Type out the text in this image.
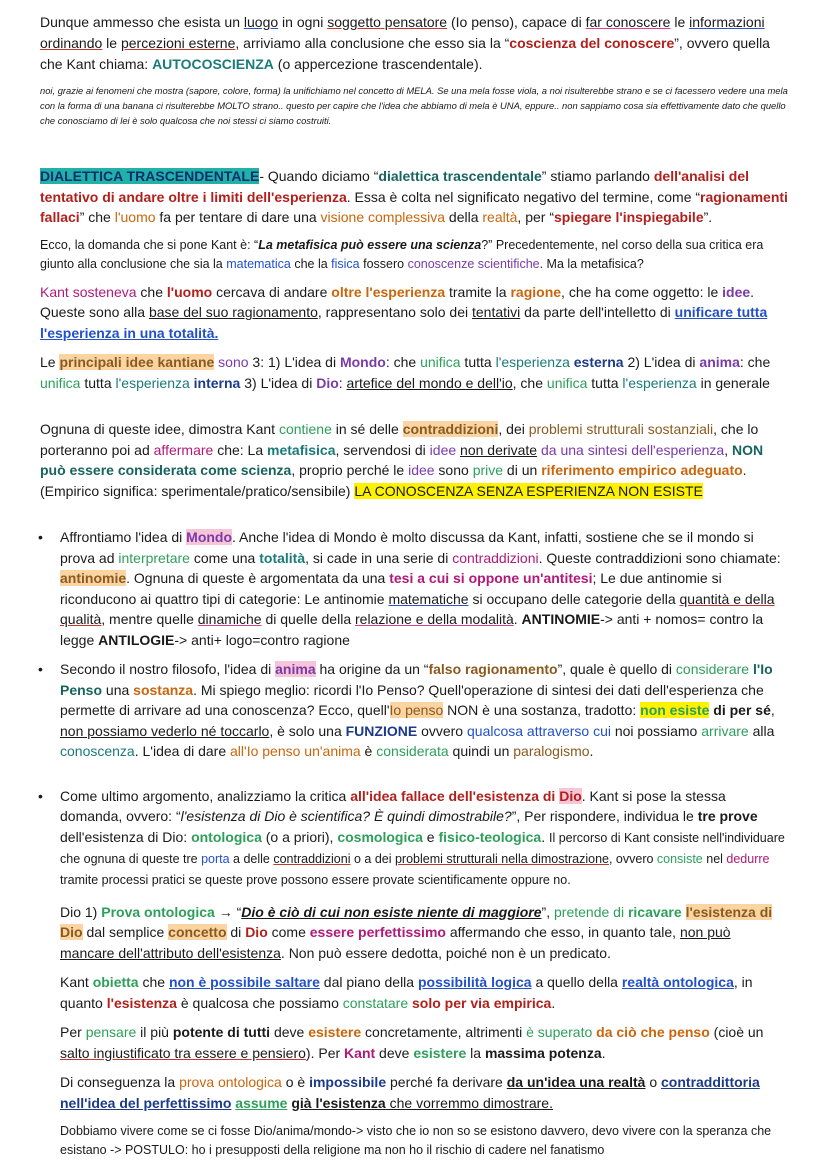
Dunque ammesso che esista un luogo in ogni soggetto pensatore (Io penso), capace di far conoscere le informazioni
ordinando le percezioni esterne, arriviamo alla conclusione che esso sia la “coscienza del conoscere”, ovvero quella che Kant chiama: AUTOCOSCIENZA (o appercezione trascendentale).

noi, grazie ai fenomeni che mostra (sapore, colore, forma) la unifichiamo nel concetto di MELA. Se una mela fosse viola, a noi risulterebbe strano e se ci facessero vedere una mela con la forma di una banana ci risulterebbe MOLTO strano.. questo per capire che l'idea che abbiamo di mela è UNA, eppure.. non sappiamo cosa sia effettivamente dato che quello che conosciamo di lei è solo qualcosa che noi stessi ci siamo costruiti.

DIALETTICA TRASCENDENTALE- Quando diciamo “dialettica trascendentale” stiamo parlando dell'analisi del tentativo di andare oltre i limiti dell'esperienza. Essa è colta nel significato negativo del termine, come “ragionamenti fallaci” che l'uomo fa per tentare di dare una visione complessiva della realtà, per “spiegare l'inspiegabile”.

Ecco, la domanda che si pone Kant è: “La metafisica può essere una scienza?” Precedentemente, nel corso della sua critica era giunto alla conclusione che sia la matematica che la fisica fossero conoscenze scientifiche. Ma la metafisica?

Kant sosteneva che l'uomo cercava di andare oltre l'esperienza tramite la ragione, che ha come oggetto: le idee. Queste sono alla base del suo ragionamento, rappresentano solo dei tentativi da parte dell'intelletto di unificare tutta l'esperienza in una totalità.

Le principali idee kantiane sono 3: 1) L'idea di Mondo: che unifica tutta l'esperienza esterna 2) L'idea di anima: che unifica tutta l'esperienza interna 3) L'idea di Dio: artefice del mondo e dell'io, che unifica tutta l'esperienza in generale

Ognuna di queste idee, dimostra Kant contiene in sé delle contraddizioni, dei problemi strutturali sostanziali, che lo porteranno poi ad affermare che: La metafisica, servendosi di idee non derivate da una sintesi dell'esperienza, NON può essere considerata come scienza, proprio perché le idee sono prive di un riferimento empirico adeguato. (Empirico significa: sperimentale/pratico/sensibile) LA CONOSCENZA SENZA ESPERIENZA NON ESISTE

• Affrontiamo l'idea di Mondo. Anche l'idea di Mondo è molto discussa da Kant, infatti, sostiene che se il mondo si prova ad interpretare come una totalità, si cade in una serie di contraddizioni. Queste contraddizioni sono chiamate: antinomie. Ognuna di queste è argomentata da una tesi a cui si oppone un'antitesi; Le due antinomie si riconducono ai quattro tipi di categorie: Le antinomie matematiche si occupano delle categorie della quantità e della qualità, mentre quelle dinamiche di quelle della relazione e della modalità. ANTINOMIE-> anti + nomos= contro la legge ANTILOGIE-> anti+ logo=contro ragione
• Secondo il nostro filosofo, l'idea di anima ha origine da un “falso ragionamento”, quale è quello di considerare l'Io Penso una sostanza. Mi spiego meglio: ricordi l'Io Penso? Quell'operazione di sintesi dei dati dell'esperienza che permette di arrivare ad una conoscenza? Ecco, quell'Io penso NON è una sostanza, tradotto: non esiste di per sé, non possiamo vederlo né toccarlo, è solo una FUNZIONE ovvero qualcosa attraverso cui noi possiamo arrivare alla conoscenza. L'idea di dare all'Io penso un'anima è considerata quindi un paralogismo.
• Come ultimo argomento, analizziamo la critica all'idea fallace dell'esistenza di Dio. Kant si pose la stessa domanda, ovvero: “l'esistenza di Dio è scientifica? È quindi dimostrabile?”, Per rispondere, individua le tre prove dell'esistenza di Dio: ontologica (o a priori), cosmologica e fisico-teologica. Il percorso di Kant consiste nell'individuare che ognuna di queste tre porta a delle contraddizioni o a dei problemi strutturali nella dimostrazione, ovvero consiste nel dedurre tramite processi pratici se queste prove possono essere provate scientificamente oppure no.

Dio 1) Prova ontologica → “Dio è ciò di cui non esiste niente di maggiore”, pretende di ricavare l'esistenza di Dio dal semplice concetto di Dio come essere perfettissimo affermando che esso, in quanto tale, non può mancare dell'attributo dell'esistenza. Non può essere dedotta, poiché non è un predicato.

Kant obietta che non è possibile saltare dal piano della possibilità logica a quello della realtà ontologica, in quanto l'esistenza è qualcosa che possiamo constatare solo per via empirica.

Per pensare il più potente di tutti deve esistere concretamente, altrimenti è superato da ciò che penso (cioè un salto ingiustificato tra essere e pensiero). Per Kant deve esistere la massima potenza.

Di conseguenza la prova ontologica o è impossibile perché fa derivare da un'idea una realtà o contraddittoria nell'idea del perfettissimo assume già l'esistenza che vorremmo dimostrare.

Dobbiamo vivere come se ci fosse Dio/anima/mondo-> visto che io non so se esistono davvero, devo vivere con la speranza che esistano -> POSTULO: ho i presupposti della religione ma non ho il rischio di cadere nel fanatismo
